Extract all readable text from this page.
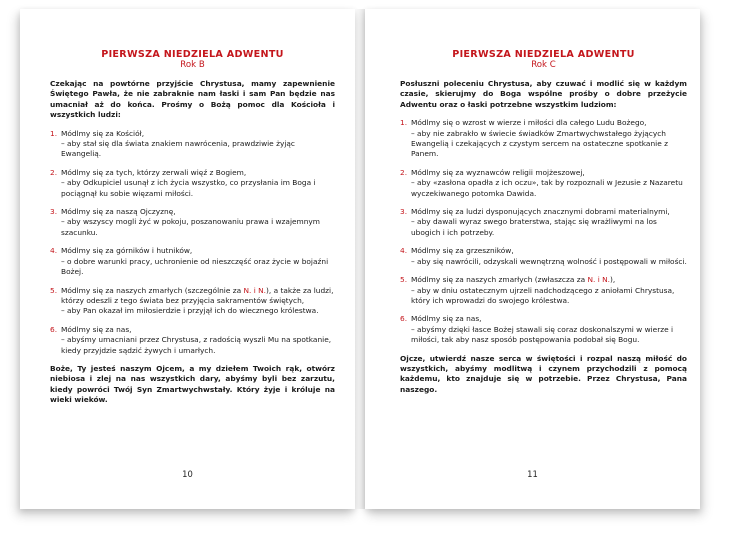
PIERWSZA NIEDZIELA ADWENTU
Rok B
Czekając na powtórne przyjście Chrystusa, mamy zapewnienie Świętego Pawła, że nie zabraknie nam łaski i sam Pan będzie nas umacniał aż do końca. Prośmy o Bożą pomoc dla Kościoła i wszystkich ludzi:
1. Módlmy się za Kościół,
– aby stał się dla świata znakiem nawrócenia, prawdziwie żyjąc Ewangelią.
2. Módlmy się za tych, którzy zerwali więź z Bogiem,
– aby Odkupiciel usunął z ich życia wszystko, co przysłania im Boga i pociągnął ku sobie więzami miłości.
3. Módlmy się za naszą Ojczyznę,
– aby wszyscy mogli żyć w pokoju, poszanowaniu prawa i wzajemnym szacunku.
4. Módlmy się za górników i hutników,
– o dobre warunki pracy, uchronienie od nieszczęść oraz życie w bojaźni Bożej.
5. Módlmy się za naszych zmarłych (szczególnie za N. i N.), a także za ludzi, którzy odeszli z tego świata bez przyjęcia sakramentów świętych,
– aby Pan okazał im miłosierdzie i przyjął ich do wiecznego królestwa.
6. Módlmy się za nas,
– abyśmy umacniani przez Chrystusa, z radością wyszli Mu na spotkanie, kiedy przyjdzie sądzić żywych i umarłych.
Boże, Ty jesteś naszym Ojcem, a my dziełem Twoich rąk, otwórz niebiosa i zlej na nas wszystkich dary, abyśmy byli bez zarzutu, kiedy powróci Twój Syn Zmartwychwstały. Który żyje i króluje na wieki wieków.
10
PIERWSZA NIEDZIELA ADWENTU
Rok C
Posłuszni poleceniu Chrystusa, aby czuwać i modlić się w każdym czasie, skierujmy do Boga wspólne prośby o dobre przeżycie Adwentu oraz o łaski potrzebne wszystkim ludziom:
1. Módlmy się o wzrost w wierze i miłości dla całego Ludu Bożego,
– aby nie zabrakło w świecie świadków Zmartwychwstałego żyjących Ewangelią i czekających z czystym sercem na ostateczne spotkanie z Panem.
2. Módlmy się za wyznawców religii mojżeszowej,
– aby «zasłona opadła z ich oczu», tak by rozpoznali w Jezusie z Nazaretu wyczekiwanego potomka Dawida.
3. Módlmy się za ludzi dysponujących znacznymi dobrami materialnymi,
– aby dawali wyraz swego braterstwa, stając się wrażliwymi na los ubogich i ich potrzeby.
4. Módlmy się za grzeszników,
– aby się nawrócili, odzyskali wewnętrzną wolność i postępowali w miłości.
5. Módlmy się za naszych zmarłych (zwłaszcza za N. i N.),
– aby w dniu ostatecznym ujrzeli nadchodzącego z aniołami Chrystusa, który ich wprowadzi do swojego królestwa.
6. Módlmy się za nas,
– abyśmy dzięki łasce Bożej stawali się coraz doskonalszymi w wierze i miłości, tak aby nasz sposób postępowania podobał się Bogu.
Ojcze, utwierdź nasze serca w świętości i rozpal naszą miłość do wszystkich, abyśmy modlitwą i czynem przychodzili z pomocą każdemu, kto znajduje się w potrzebie. Przez Chrystusa, Pana naszego.
11
